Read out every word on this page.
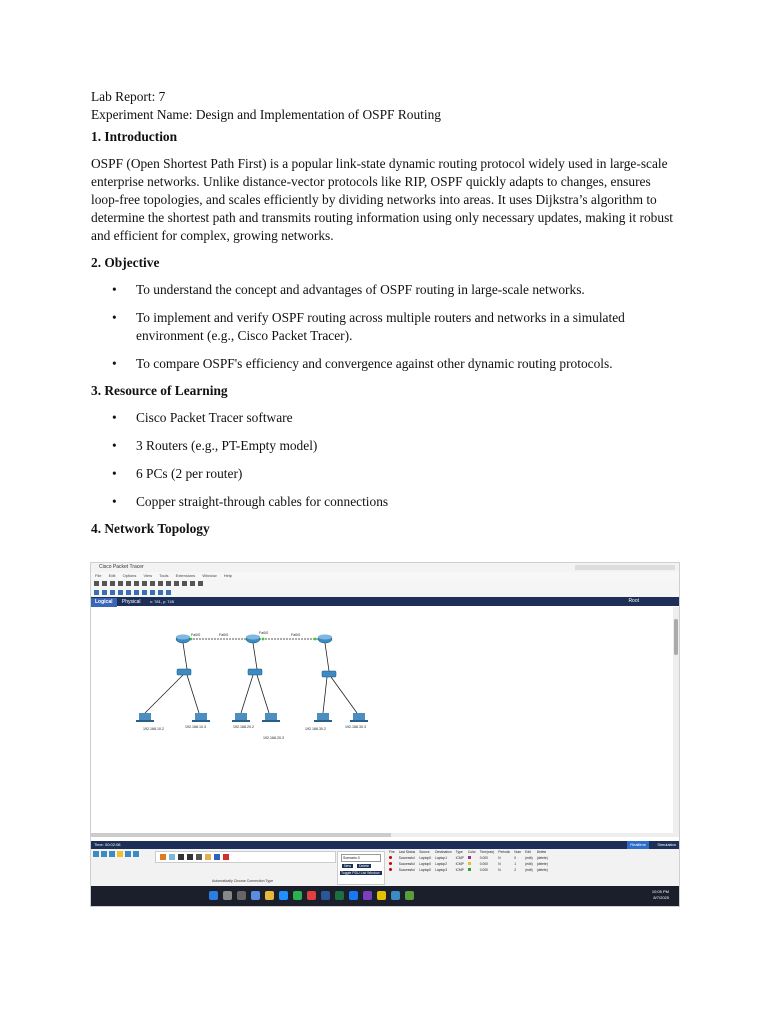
Lab Report: 7

Experiment Name: Design and Implementation of OSPF Routing

1. Introduction

OSPF (Open Shortest Path First) is a popular link-state dynamic routing protocol widely used in large-scale enterprise networks. Unlike distance-vector protocols like RIP, OSPF quickly adapts to changes, ensures loop-free topologies, and scales efficiently by dividing networks into areas. It uses Dijkstra’s algorithm to determine the shortest path and transmits routing information using only necessary updates, making it robust and efficient for complex, growing networks.

2. Objective
• To understand the concept and advantages of OSPF routing in large-scale networks.
• To implement and verify OSPF routing across multiple routers and networks in a simulated environment (e.g., Cisco Packet Tracer).
• To compare OSPF's efficiency and convergence against other dynamic routing protocols.
3. Resource of Learning
• Cisco Packet Tracer software
• 3 Routers (e.g., PT-Empty model)
• 6 PCs (2 per router)
• Copper straight-through cables for connections
4. Network Topology
Cisco Packet Tracer
File Edit Options View Tools Extensions Window Help
Logical Physical x: 781, y: 745	Root
Fa0/0	Fa0/0	Fa0/0	Fa0/0
192.168.10.2	192.168.10.3	192.168.20.2
192.168.20.3
192.168.30.2	192.168.30.3
Time: 00:02:08	Realtime	Simulation
Automatically Choose Connection Type
Scenario 0
New Delete
Toggle PDU List Window
Fire	Last Status	Source	Destination	Type	Color	Time(sec)	Periodic	Num	Edit	Delete
	Successful	Laptop0	Laptop1	ICMP		0.000	N	0	(edit)	(delete)
	Successful	Laptop0	Laptop2	ICMP		0.000	N	1	(edit)	(delete)
	Successful	Laptop0	Laptop3	ICMP		0.000	N	2	(edit)	(delete)
10:05 PM
8/7/2025
